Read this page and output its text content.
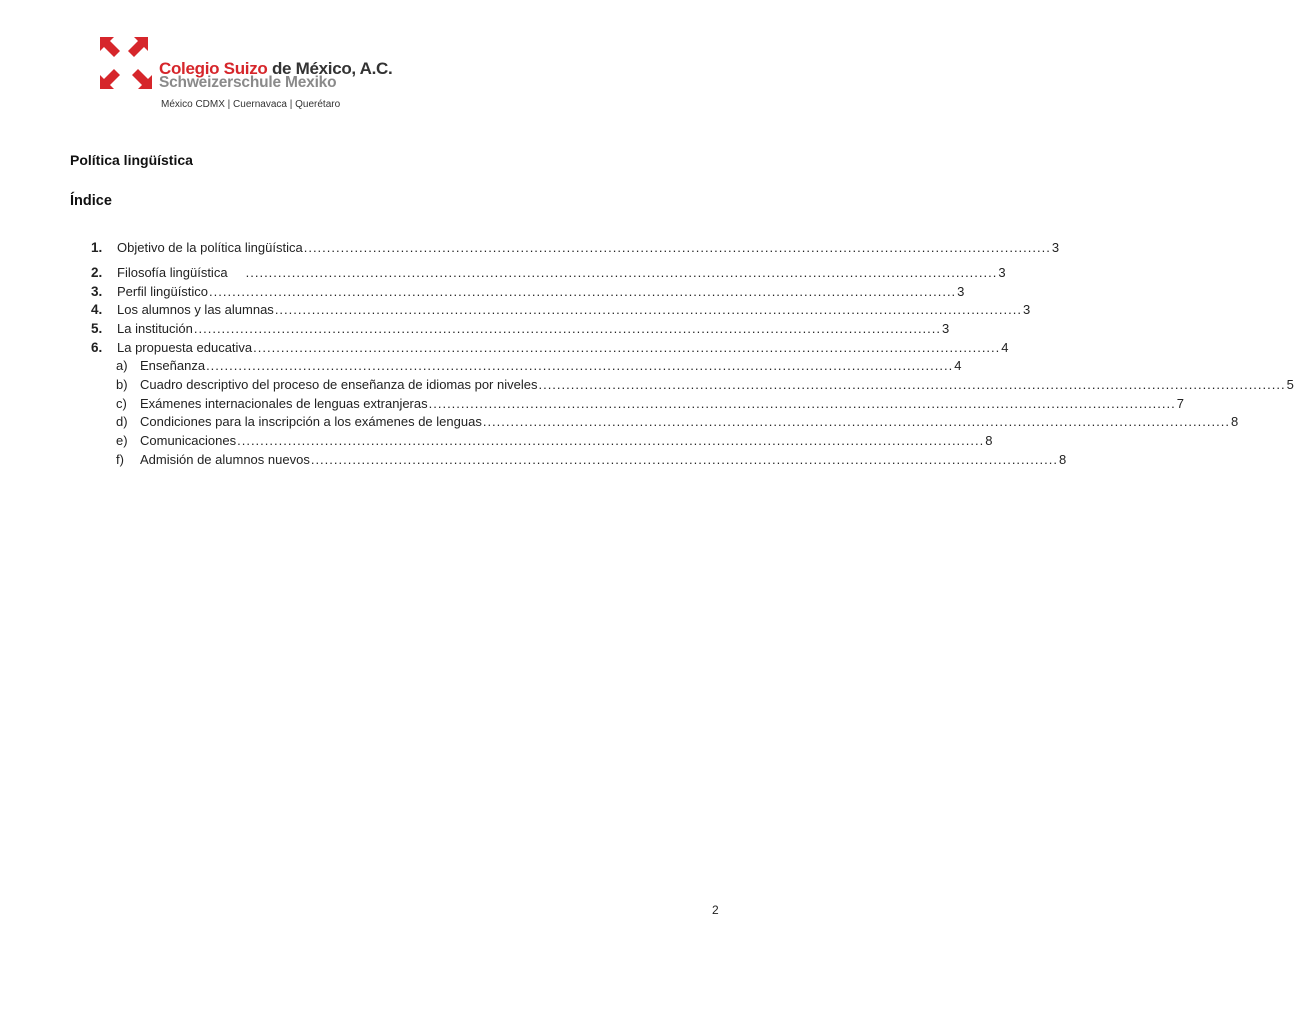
Colegio Suizo de México, A.C.

Schweizerschule Mexiko
México CDMX | Cuernavaca | Querétaro
Política lingüística
Índice
1.	Objetivo de la política lingüística .................................................................................................................................................................. 3
2.	Filosofía lingüística     . .................................................................................................................................................................. 3
3.	Perfil lingüístico .................................................................................................................................................................. 3
4.	Los alumnos y las alumnas .................................................................................................................................................................. 3
5.	La institución .................................................................................................................................................................. 3
6.	La propuesta educativa .................................................................................................................................................................. 4
a) Enseñanza .................................................................................................................................................................. 4
b) Cuadro descriptivo del proceso de enseñanza de idiomas por niveles .................................................................................................................................................................. 5
c)	Exámenes internacionales de lenguas extranjeras .................................................................................................................................................................. 7
d) Condiciones para la inscripción a los exámenes de lenguas .................................................................................................................................................................. 8
e) Comunicaciones .................................................................................................................................................................. 8
f)	Admisión de alumnos nuevos .................................................................................................................................................................. 8
2
